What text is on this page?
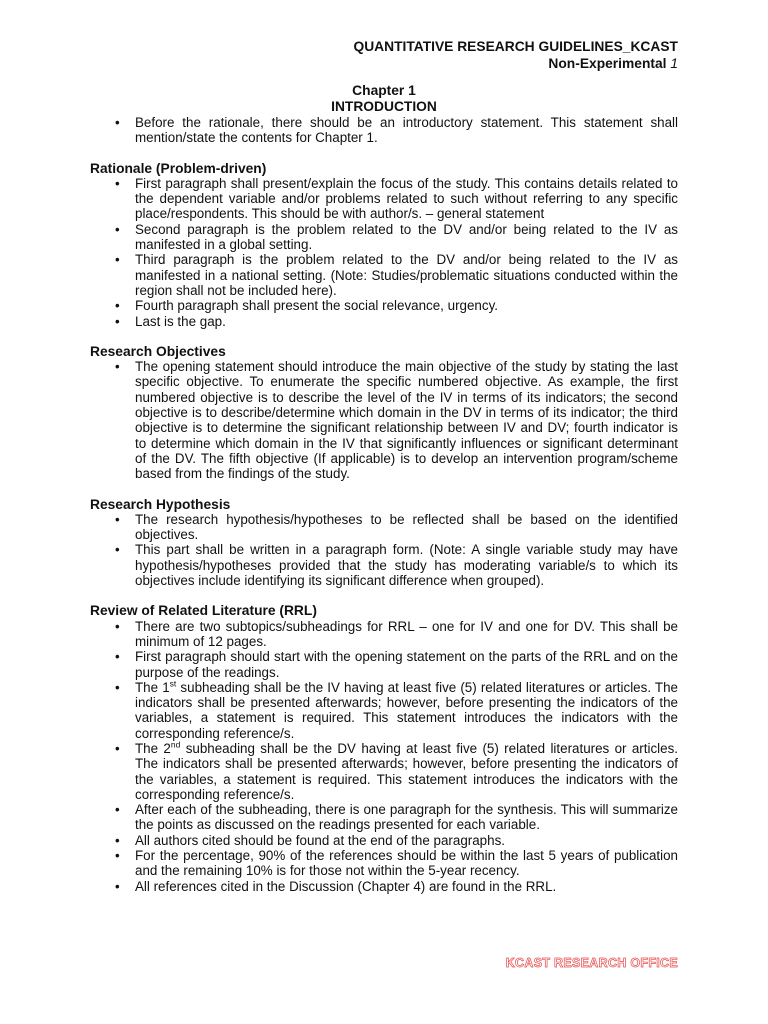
QUANTITATIVE RESEARCH GUIDELINES_KCAST
Non-Experimental 1
Chapter 1
INTRODUCTION
• Before the rationale, there should be an introductory statement. This statement shall mention/state the contents for Chapter 1.
Rationale (Problem-driven)
• First paragraph shall present/explain the focus of the study. This contains details related to the dependent variable and/or problems related to such without referring to any specific place/respondents. This should be with author/s. – general statement
• Second paragraph is the problem related to the DV and/or being related to the IV as manifested in a global setting.
• Third paragraph is the problem related to the DV and/or being related to the IV as manifested in a national setting. (Note: Studies/problematic situations conducted within the region shall not be included here).
• Fourth paragraph shall present the social relevance, urgency.
• Last is the gap.
Research Objectives
• The opening statement should introduce the main objective of the study by stating the last specific objective. To enumerate the specific numbered objective. As example, the first numbered objective is to describe the level of the IV in terms of its indicators; the second objective is to describe/determine which domain in the DV in terms of its indicator; the third objective is to determine the significant relationship between IV and DV; fourth indicator is to determine which domain in the IV that significantly influences or significant determinant of the DV. The fifth objective (If applicable) is to develop an intervention program/scheme based from the findings of the study.
Research Hypothesis
• The research hypothesis/hypotheses to be reflected shall be based on the identified objectives.
• This part shall be written in a paragraph form. (Note: A single variable study may have hypothesis/hypotheses provided that the study has moderating variable/s to which its objectives include identifying its significant difference when grouped).
Review of Related Literature (RRL)
• There are two subtopics/subheadings for RRL – one for IV and one for DV. This shall be minimum of 12 pages.
• First paragraph should start with the opening statement on the parts of the RRL and on the purpose of the readings.
• The 1st subheading shall be the IV having at least five (5) related literatures or articles. The indicators shall be presented afterwards; however, before presenting the indicators of the variables, a statement is required. This statement introduces the indicators with the corresponding reference/s.
• The 2nd subheading shall be the DV having at least five (5) related literatures or articles. The indicators shall be presented afterwards; however, before presenting the indicators of the variables, a statement is required. This statement introduces the indicators with the corresponding reference/s.
• After each of the subheading, there is one paragraph for the synthesis. This will summarize the points as discussed on the readings presented for each variable.
• All authors cited should be found at the end of the paragraphs.
• For the percentage, 90% of the references should be within the last 5 years of publication and the remaining 10% is for those not within the 5-year recency.
• All references cited in the Discussion (Chapter 4) are found in the RRL.
KCAST RESEARCH OFFICE
